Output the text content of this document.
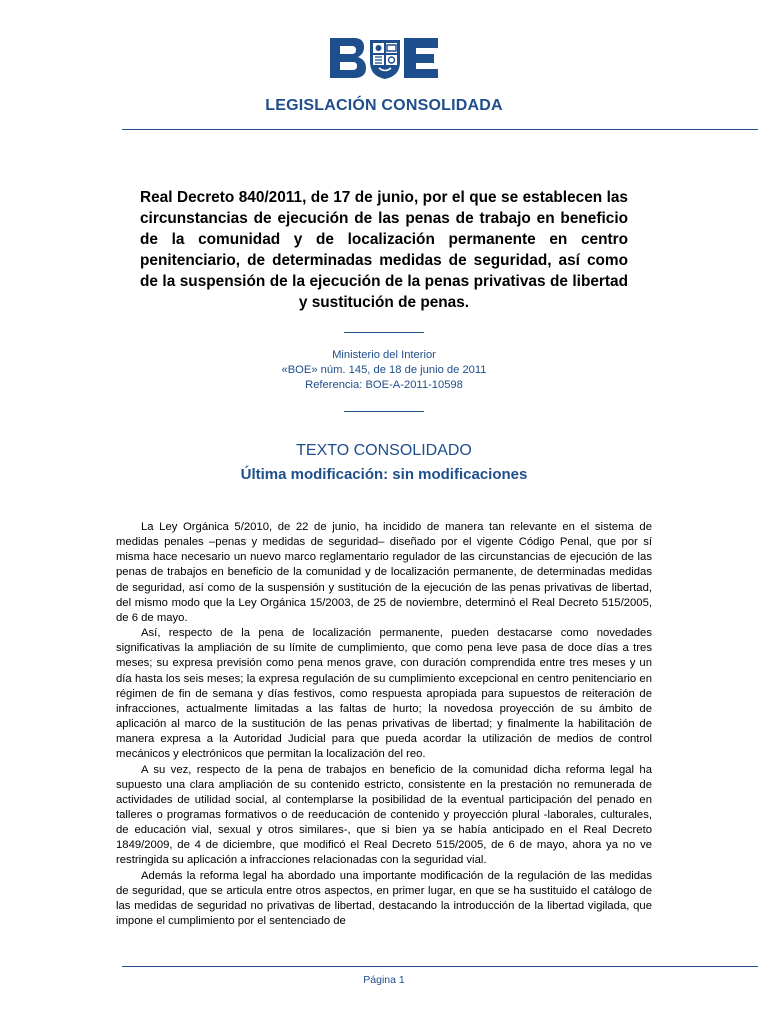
LEGISLACIÓN CONSOLIDADA
Real Decreto 840/2011, de 17 de junio, por el que se establecen las circunstancias de ejecución de las penas de trabajo en beneficio de la comunidad y de localización permanente en centro penitenciario, de determinadas medidas de seguridad, así como de la suspensión de la ejecución de la penas privativas de libertad y sustitución de penas.
Ministerio del Interior
«BOE» núm. 145, de 18 de junio de 2011
Referencia: BOE-A-2011-10598
TEXTO CONSOLIDADO
Última modificación: sin modificaciones

La Ley Orgánica 5/2010, de 22 de junio, ha incidido de manera tan relevante en el sistema de medidas penales –penas y medidas de seguridad– diseñado por el vigente Código Penal, que por sí misma hace necesario un nuevo marco reglamentario regulador de las circunstancias de ejecución de las penas de trabajos en beneficio de la comunidad y de localización permanente, de determinadas medidas de seguridad, así como de la suspensión y sustitución de la ejecución de las penas privativas de libertad, del mismo modo que la Ley Orgánica 15/2003, de 25 de noviembre, determinó el Real Decreto 515/2005, de 6 de mayo.

Así, respecto de la pena de localización permanente, pueden destacarse como novedades significativas la ampliación de su límite de cumplimiento, que como pena leve pasa de doce días a tres meses; su expresa previsión como pena menos grave, con duración comprendida entre tres meses y un día hasta los seis meses; la expresa regulación de su cumplimiento excepcional en centro penitenciario en régimen de fin de semana y días festivos, como respuesta apropiada para supuestos de reiteración de infracciones, actualmente limitadas a las faltas de hurto; la novedosa proyección de su ámbito de aplicación al marco de la sustitución de las penas privativas de libertad; y finalmente la habilitación de manera expresa a la Autoridad Judicial para que pueda acordar la utilización de medios de control mecánicos y electrónicos que permitan la localización del reo.

A su vez, respecto de la pena de trabajos en beneficio de la comunidad dicha reforma legal ha supuesto una clara ampliación de su contenido estricto, consistente en la prestación no remunerada de actividades de utilidad social, al contemplarse la posibilidad de la eventual participación del penado en talleres o programas formativos o de reeducación de contenido y proyección plural -laborales, culturales, de educación vial, sexual y otros similares-, que si bien ya se había anticipado en el Real Decreto 1849/2009, de 4 de diciembre, que modificó el Real Decreto 515/2005, de 6 de mayo, ahora ya no ve restringida su aplicación a infracciones relacionadas con la seguridad vial.

Además la reforma legal ha abordado una importante modificación de la regulación de las medidas de seguridad, que se articula entre otros aspectos, en primer lugar, en que se ha sustituido el catálogo de las medidas de seguridad no privativas de libertad, destacando la introducción de la libertad vigilada, que impone el cumplimiento por el sentenciado de

Página 1
